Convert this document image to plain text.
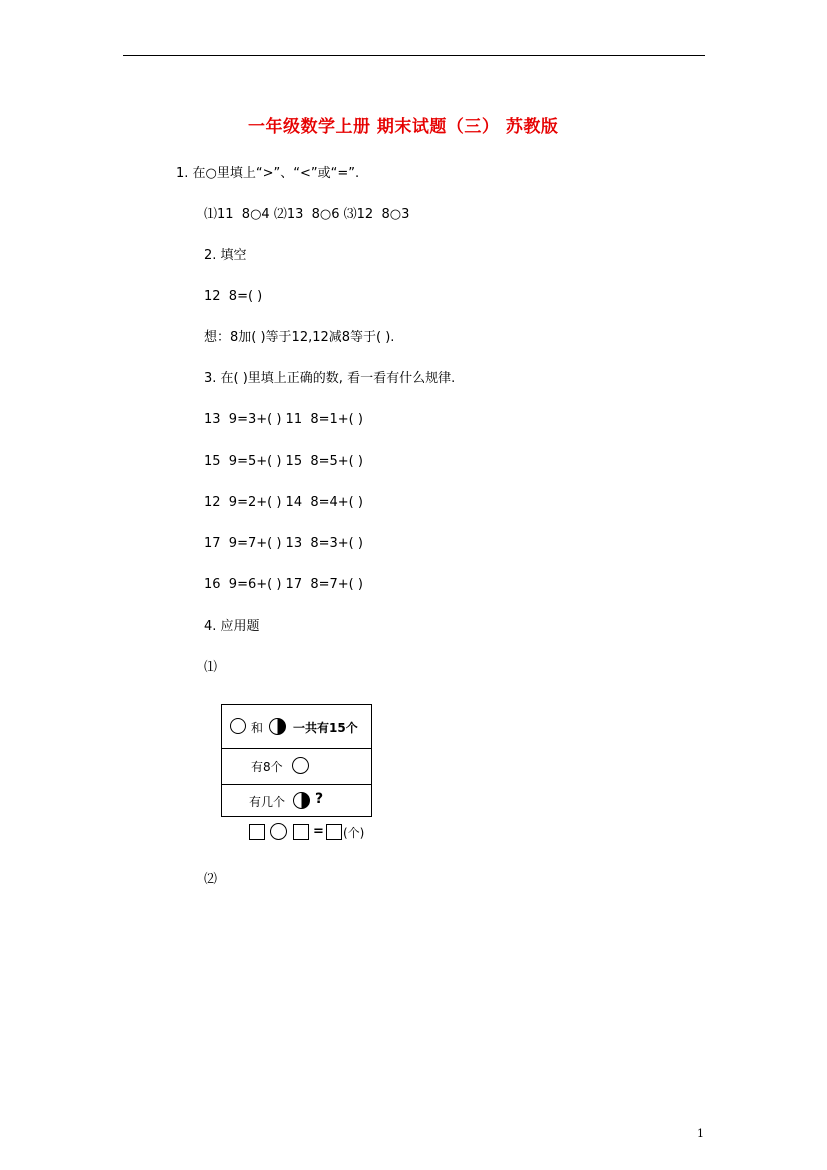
一年级数学上册 期末试题（三） 苏教版
1. 在○里填上“>”、“<”或“=”.
⑴11  8○4 ⑵13  8○6 ⑶12  8○3
2. 填空
12  8=( )
想：8加( )等于12,12减8等于( ).
3. 在( )里填上正确的数, 看一看有什么规律.
13  9=3+( ) 11  8=1+( )
15  9=5+( ) 15  8=5+( )
12  9=2+( ) 14  8=4+( )
17  9=7+( ) 13  8=3+( )
16  9=6+( ) 17  8=7+( )
4. 应用题
⑴
和 一共有15个
有8个
有几个 ?
= (个)
⑵
1
